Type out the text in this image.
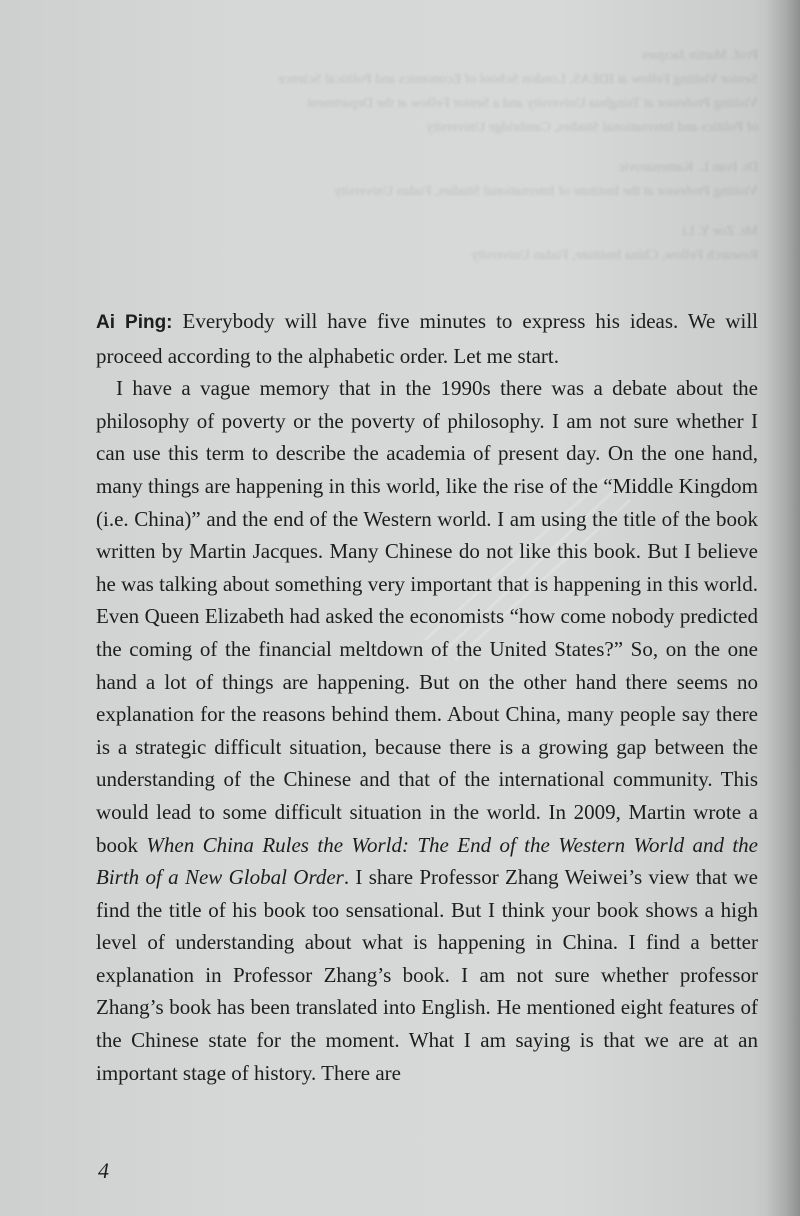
Prof. Martin Jacques
Senior Visiting Fellow at IDEAS, London School of Economics and Political Science
Visiting Professor at Tsinghua University and a Senior Fellow at the Department
of Politics and International Studies, Cambridge University
Dr. Ivan L. Kamenarovic
Visiting Professor at the Institute of International Studies, Fudan University
Mr. Zoe Y. Li
Research Fellow, China Institute, Fudan University

Ai Ping: Everybody will have five minutes to express his ideas. We will proceed according to the alphabetic order. Let me start.

I have a vague memory that in the 1990s there was a debate about the philosophy of poverty or the poverty of philosophy. I am not sure whether I can use this term to describe the academia of present day. On the one hand, many things are happening in this world, like the rise of the “Middle Kingdom (i.e. China)” and the end of the Western world. I am using the title of the book written by Martin Jacques. Many Chinese do not like this book. But I believe he was talking about something very important that is happening in this world. Even Queen Elizabeth had asked the economists “how come nobody predicted the coming of the financial meltdown of the United States?” So, on the one hand a lot of things are happening. But on the other hand there seems no explanation for the reasons behind them. About China, many people say there is a strategic difficult situation, because there is a growing gap between the understanding of the Chinese and that of the international community. This would lead to some difficult situation in the world. In 2009, Martin wrote a book When China Rules the World: The End of the Western World and the Birth of a New Global Order. I share Professor Zhang Weiwei’s view that we find the title of his book too sensational. But I think your book shows a high level of understanding about what is happening in China. I find a better explanation in Professor Zhang’s book. I am not sure whether professor Zhang’s book has been translated into English. He mentioned eight features of the Chinese state for the moment. What I am saying is that we are at an important stage of history. There are

4
